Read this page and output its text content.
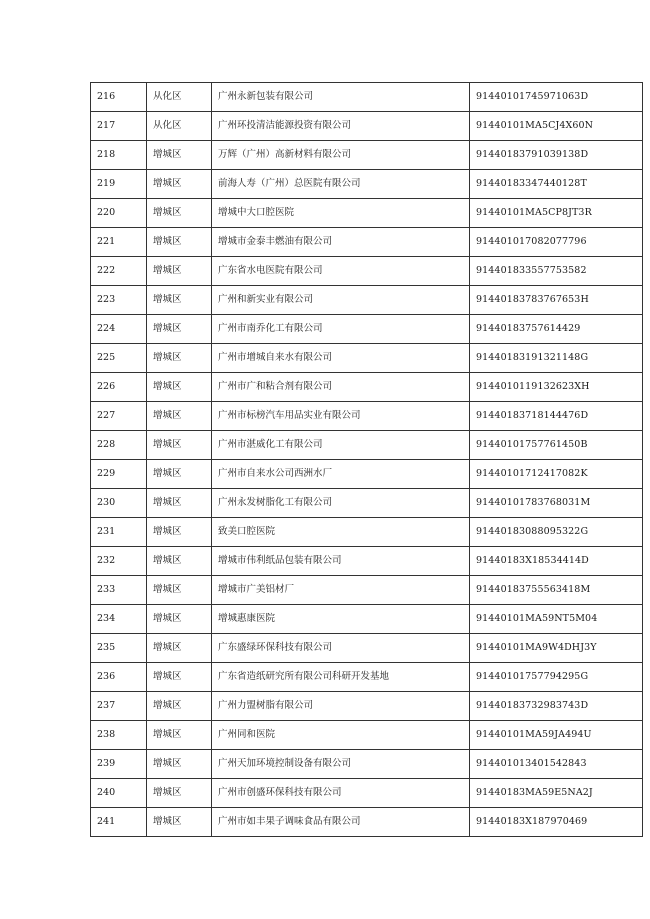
216	从化区	广州永新包装有限公司	91440101745971063D
217	从化区	广州环投清洁能源投资有限公司	91440101MA5CJ4X60N
218	增城区	万辉（广州）高新材料有限公司	91440183791039138D
219	增城区	前海人寿（广州）总医院有限公司	91440183347440128T
220	增城区	增城中大口腔医院	91440101MA5CP8JT3R
221	增城区	增城市金泰丰燃油有限公司	914401017082077796
222	增城区	广东省水电医院有限公司	914401833557753582
223	增城区	广州和新实业有限公司	91440183783767653H
224	增城区	广州市南乔化工有限公司	91440183757614429
225	增城区	广州市增城自来水有限公司	91440183191321148G
226	增城区	广州市广和粘合剂有限公司	9144010119132623XH
227	增城区	广州市标榜汽车用品实业有限公司	91440183718144476D
228	增城区	广州市湛威化工有限公司	91440101757761450B
229	增城区	广州市自来水公司西洲水厂	91440101712417082K
230	增城区	广州永发树脂化工有限公司	91440101783768031M
231	增城区	致美口腔医院	91440183088095322G
232	增城区	增城市伟利纸品包装有限公司	91440183X18534414D
233	增城区	增城市广美铝材厂	91440183755563418M
234	增城区	增城惠康医院	91440101MA59NT5M04
235	增城区	广东盛绿环保科技有限公司	91440101MA9W4DHJ3Y
236	增城区	广东省造纸研究所有限公司科研开发基地	91440101757794295G
237	增城区	广州力盟树脂有限公司	91440183732983743D
238	增城区	广州同和医院	91440101MA59JA494U
239	增城区	广州天加环境控制设备有限公司	914401013401542843
240	增城区	广州市创盛环保科技有限公司	91440183MA59E5NA2J
241	增城区	广州市如丰果子调味食品有限公司	91440183X187970469
